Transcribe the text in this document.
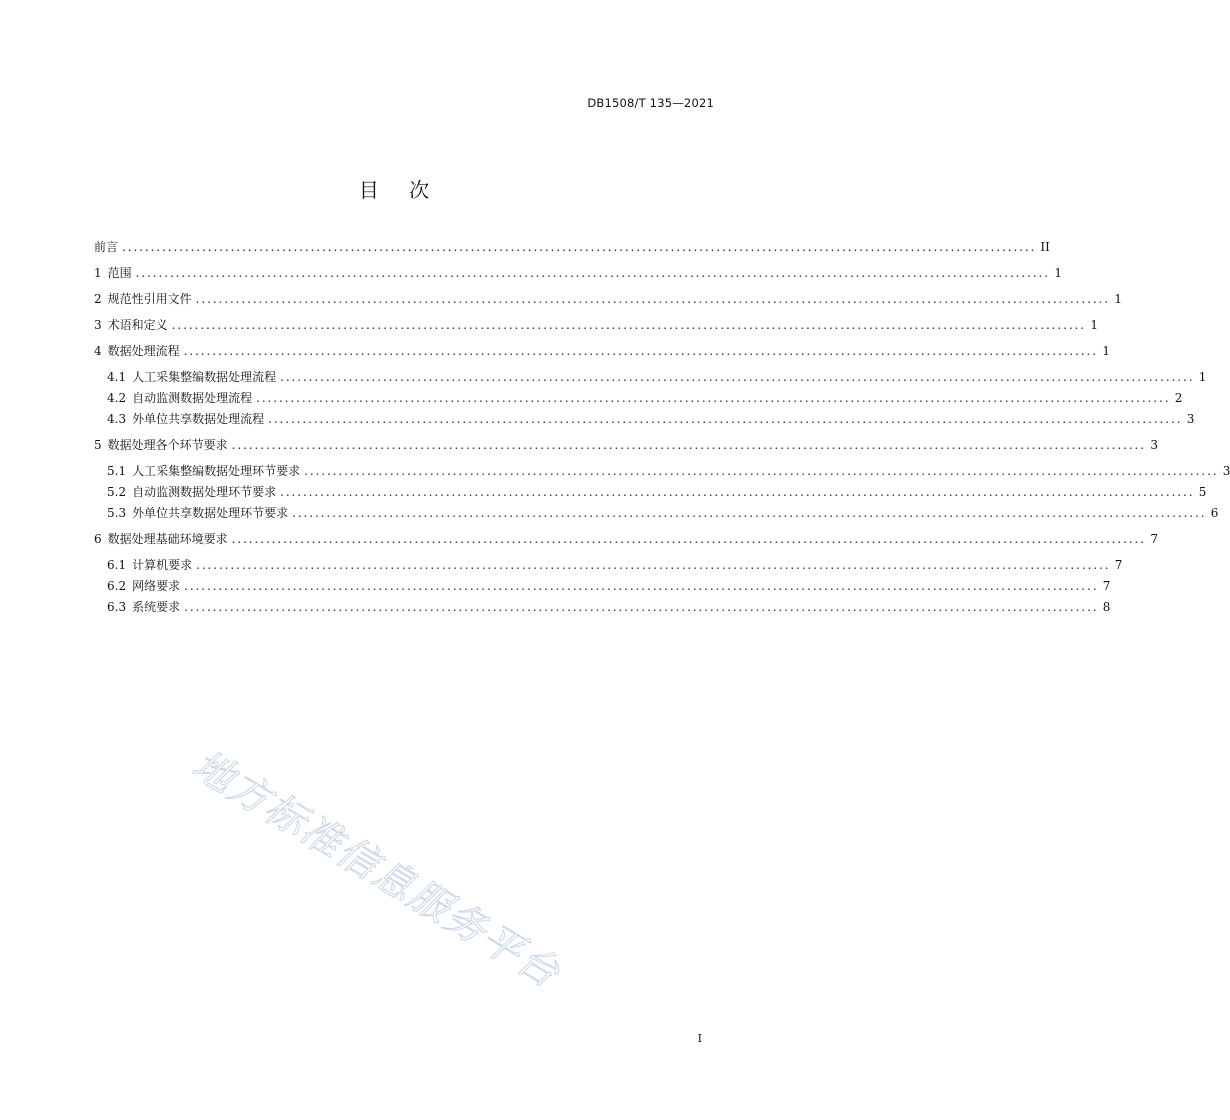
DB1508/T 135—2021
目 次
前言 ................................................................................................................................................................ II
1 范围 ................................................................................................................................................................ 1
2 规范性引用文件 ................................................................................................................................................................ 1
3 术语和定义 ................................................................................................................................................................ 1
4 数据处理流程 ................................................................................................................................................................ 1
4.1 人工采集整编数据处理流程 ................................................................................................................................................................ 1
4.2 自动监测数据处理流程 ................................................................................................................................................................ 2
4.3 外单位共享数据处理流程 ................................................................................................................................................................ 3
5 数据处理各个环节要求 ................................................................................................................................................................ 3
5.1 人工采集整编数据处理环节要求 ................................................................................................................................................................ 3
5.2 自动监测数据处理环节要求 ................................................................................................................................................................ 5
5.3 外单位共享数据处理环节要求 ................................................................................................................................................................ 6
6 数据处理基础环境要求 ................................................................................................................................................................ 7
6.1 计算机要求 ................................................................................................................................................................ 7
6.2 网络要求 ................................................................................................................................................................ 7
6.3 系统要求 ................................................................................................................................................................ 8
地方标准信息服务平台
I
